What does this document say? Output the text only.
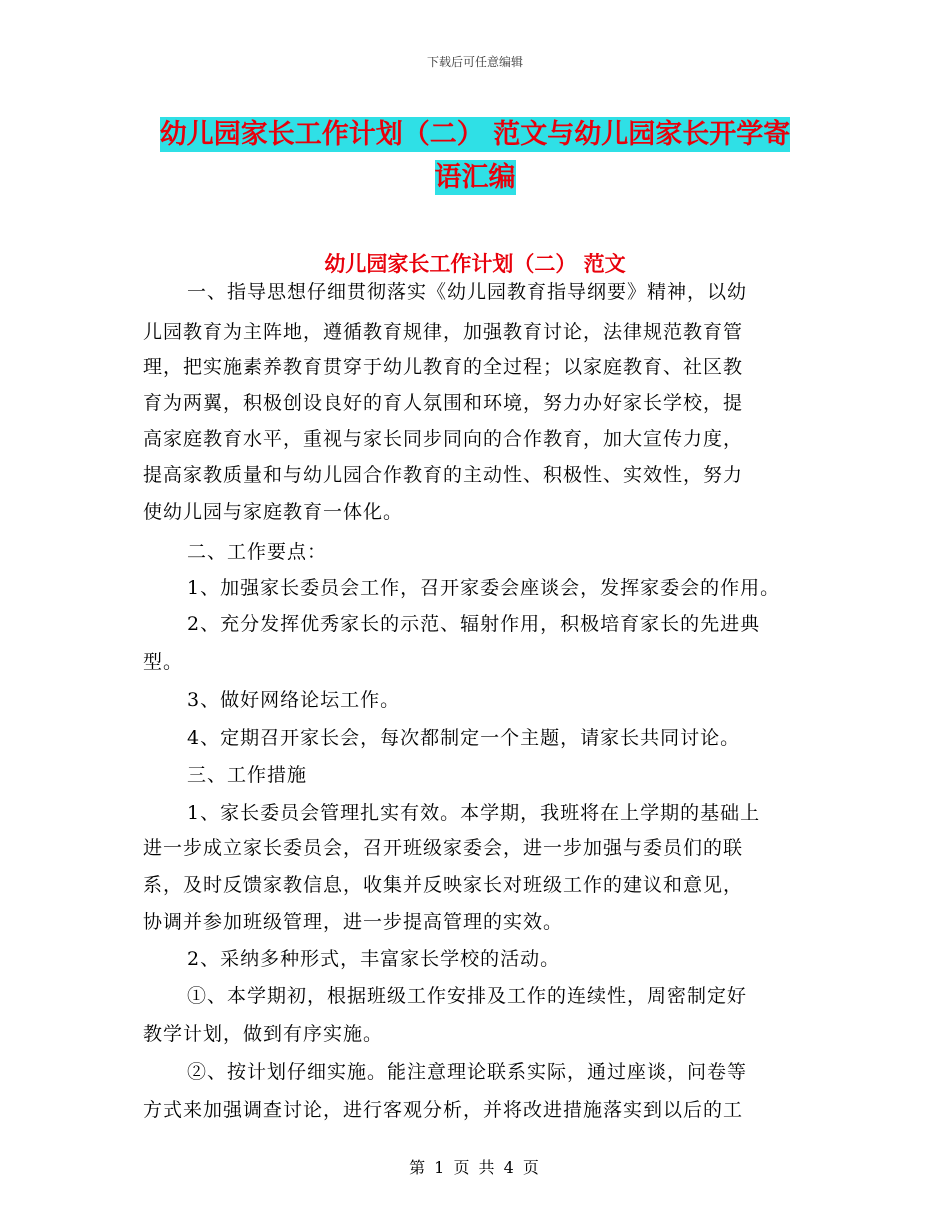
下载后可任意编辑
幼儿园家长工作计划（二） 范文与幼儿园家长开学寄
语汇编
幼儿园家长工作计划（二） 范文
一、指导思想仔细贯彻落实《幼儿园教育指导纲要》精神，以幼
儿园教育为主阵地，遵循教育规律，加强教育讨论，法律规范教育管
理，把实施素养教育贯穿于幼儿教育的全过程；以家庭教育、社区教
育为两翼，积极创设良好的育人氛围和环境，努力办好家长学校，提
高家庭教育水平，重视与家长同步同向的合作教育，加大宣传力度，
提高家教质量和与幼儿园合作教育的主动性、积极性、实效性，努力
使幼儿园与家庭教育一体化。
二、工作要点：
1、加强家长委员会工作，召开家委会座谈会，发挥家委会的作用。
2、充分发挥优秀家长的示范、辐射作用，积极培育家长的先进典
型。
3、做好网络论坛工作。
4、定期召开家长会，每次都制定一个主题，请家长共同讨论。
三、工作措施
1、家长委员会管理扎实有效。本学期，我班将在上学期的基础上
进一步成立家长委员会，召开班级家委会，进一步加强与委员们的联
系，及时反馈家教信息，收集并反映家长对班级工作的建议和意见，
协调并参加班级管理，进一步提高管理的实效。
2、采纳多种形式，丰富家长学校的活动。
①、本学期初，根据班级工作安排及工作的连续性，周密制定好
教学计划，做到有序实施。
②、按计划仔细实施。能注意理论联系实际，通过座谈，问卷等
方式来加强调查讨论，进行客观分析，并将改进措施落实到以后的工
第 1 页 共 4 页
